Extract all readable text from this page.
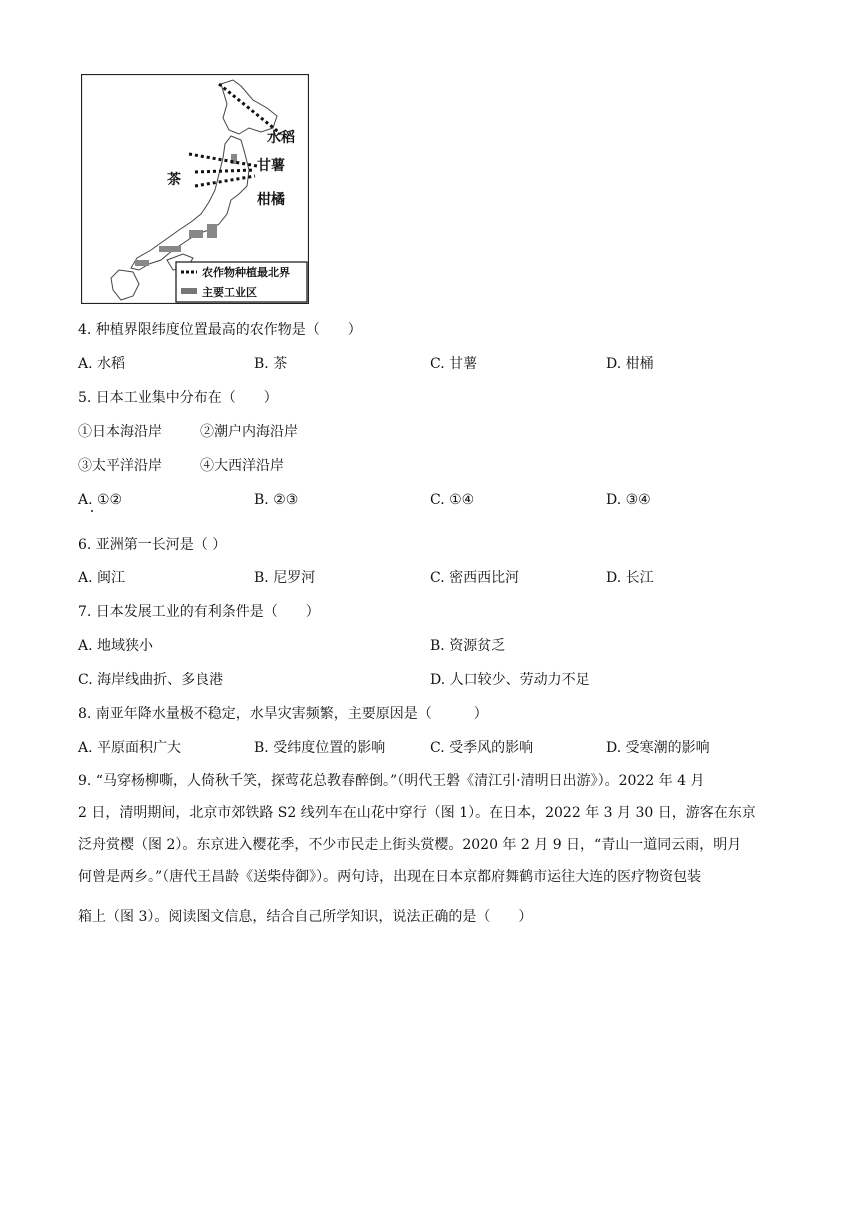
水稻
甘薯
茶
柑橘
农作物种植最北界
主要工业区
4. 种植界限纬度位置最高的农作物是（　　）
A. 水稻	B. 茶	C. 甘薯	D. 柑桶
5. 日本工业集中分布在（　　）
①日本海沿岸	②潮户内海沿岸
③太平洋沿岸	④大西洋沿岸
A. ①②	B. ②③	C. ①④	D. ③④
6. 亚洲第一长河是（ ）
A. 闽江	B. 尼罗河	C. 密西西比河	D. 长江
7. 日本发展工业的有利条件是（　　）
A. 地域狭小	B. 资源贫乏
C. 海岸线曲折、多良港	D. 人口较少、劳动力不足
8. 南亚年降水量极不稳定，水旱灾害频繁，主要原因是（　　　）
A. 平原面积广大	B. 受纬度位置的影响	C. 受季风的影响	D. 受寒潮的影响
9. “马穿杨柳嘶，人倚秋千笑，探莺花总教春醉倒。”（明代王磐《清江引·清明日出游》）。2022 年 4 月
2 日，清明期间，北京市郊铁路 S2 线列车在山花中穿行（图 1）。在日本，2022 年 3 月 30 日，游客在东京
泛舟赏樱（图 2）。东京进入樱花季，不少市民走上街头赏樱。2020 年 2 月 9 日，“青山一道同云雨，明月
何曾是两乡。”（唐代王昌龄《送柴侍御》）。两句诗，出现在日本京都府舞鹤市运往大连的医疗物资包装
箱上（图 3）。阅读图文信息，结合自己所学知识，说法正确的是（　　）
